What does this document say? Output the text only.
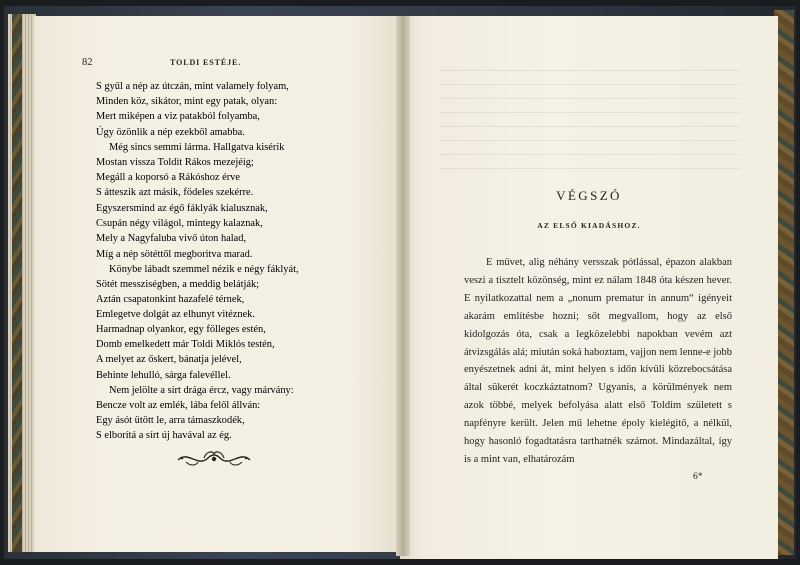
82	TOLDI ESTÉJE.
S gyűl a nép az útczán, mint valamely folyam,
Minden köz, sikátor, mint egy patak, olyan:
Mert miképen a viz patakból folyamba,
Úgy özönlik a nép ezekből amabba.
Még sincs semmi lárma. Hallgatva kisérik
Mostan vissza Toldit Rákos mezejéig;
Megáll a koporsó a Rákóshoz érve
S átteszik azt másik, födeles szekérre.
Egyszersmind az égő fáklyák kialusznak,
Csupán négy világol, mintegy kalaznak,
Mely a Nagyfaluba vivő úton halad,
Míg a nép sötéttől megboritva marad.
Könybe lábadt szemmel nézik e négy fáklyát,
Sötét messziségben, a meddig belátják;
Aztán csapatonkint hazafelé térnek,
Emlegetve dolgát az elhunyt vitéznek.
Harmadnap olyankor, egy fölleges estén,
Domb emelkedett már Toldi Miklós testén,
A melyet az őskert, bánatja jelével,
Behinte lehulló, sárga falevéllel.
Nem jelölte a sírt drága ércz, vagy márvány:
Bencze volt az emlék, lába felől állván:
Egy ásót ütött le, arra támaszkodék,
S elborítá a sírt új havával az ég.
VÉGSZÓ
AZ ELSŐ KIADÁSHOZ.

E művet, alig néhány versszak pótlással, épazon alakban veszi a tisztelt közönség, mint ez nálam 1848 óta készen hever. E nyilatkozattal nem a „nonum prematur in annum“ igényeit akarám említésbe hozni; sőt megvallom, hogy az első kidolgozás óta, csak a legközelebbi napokban vevém azt átvizsgálás alá; miután soká haboztam, vajjon nem lenne-e jobb enyészetnek adni át, mint helyen s időn kívüli közrebocsátása által sükerét koczkáztatnom? Ugyanis, a körülmények nem azok többé, melyek befolyása alatt első Toldim született s napfényre került. Jelen mű lehetne époly kielégitő, a nélkül, hogy hasonló fogadtatásra tarthatnék számot. Mindazáltal, így is a mint van, elhatározám

6*
